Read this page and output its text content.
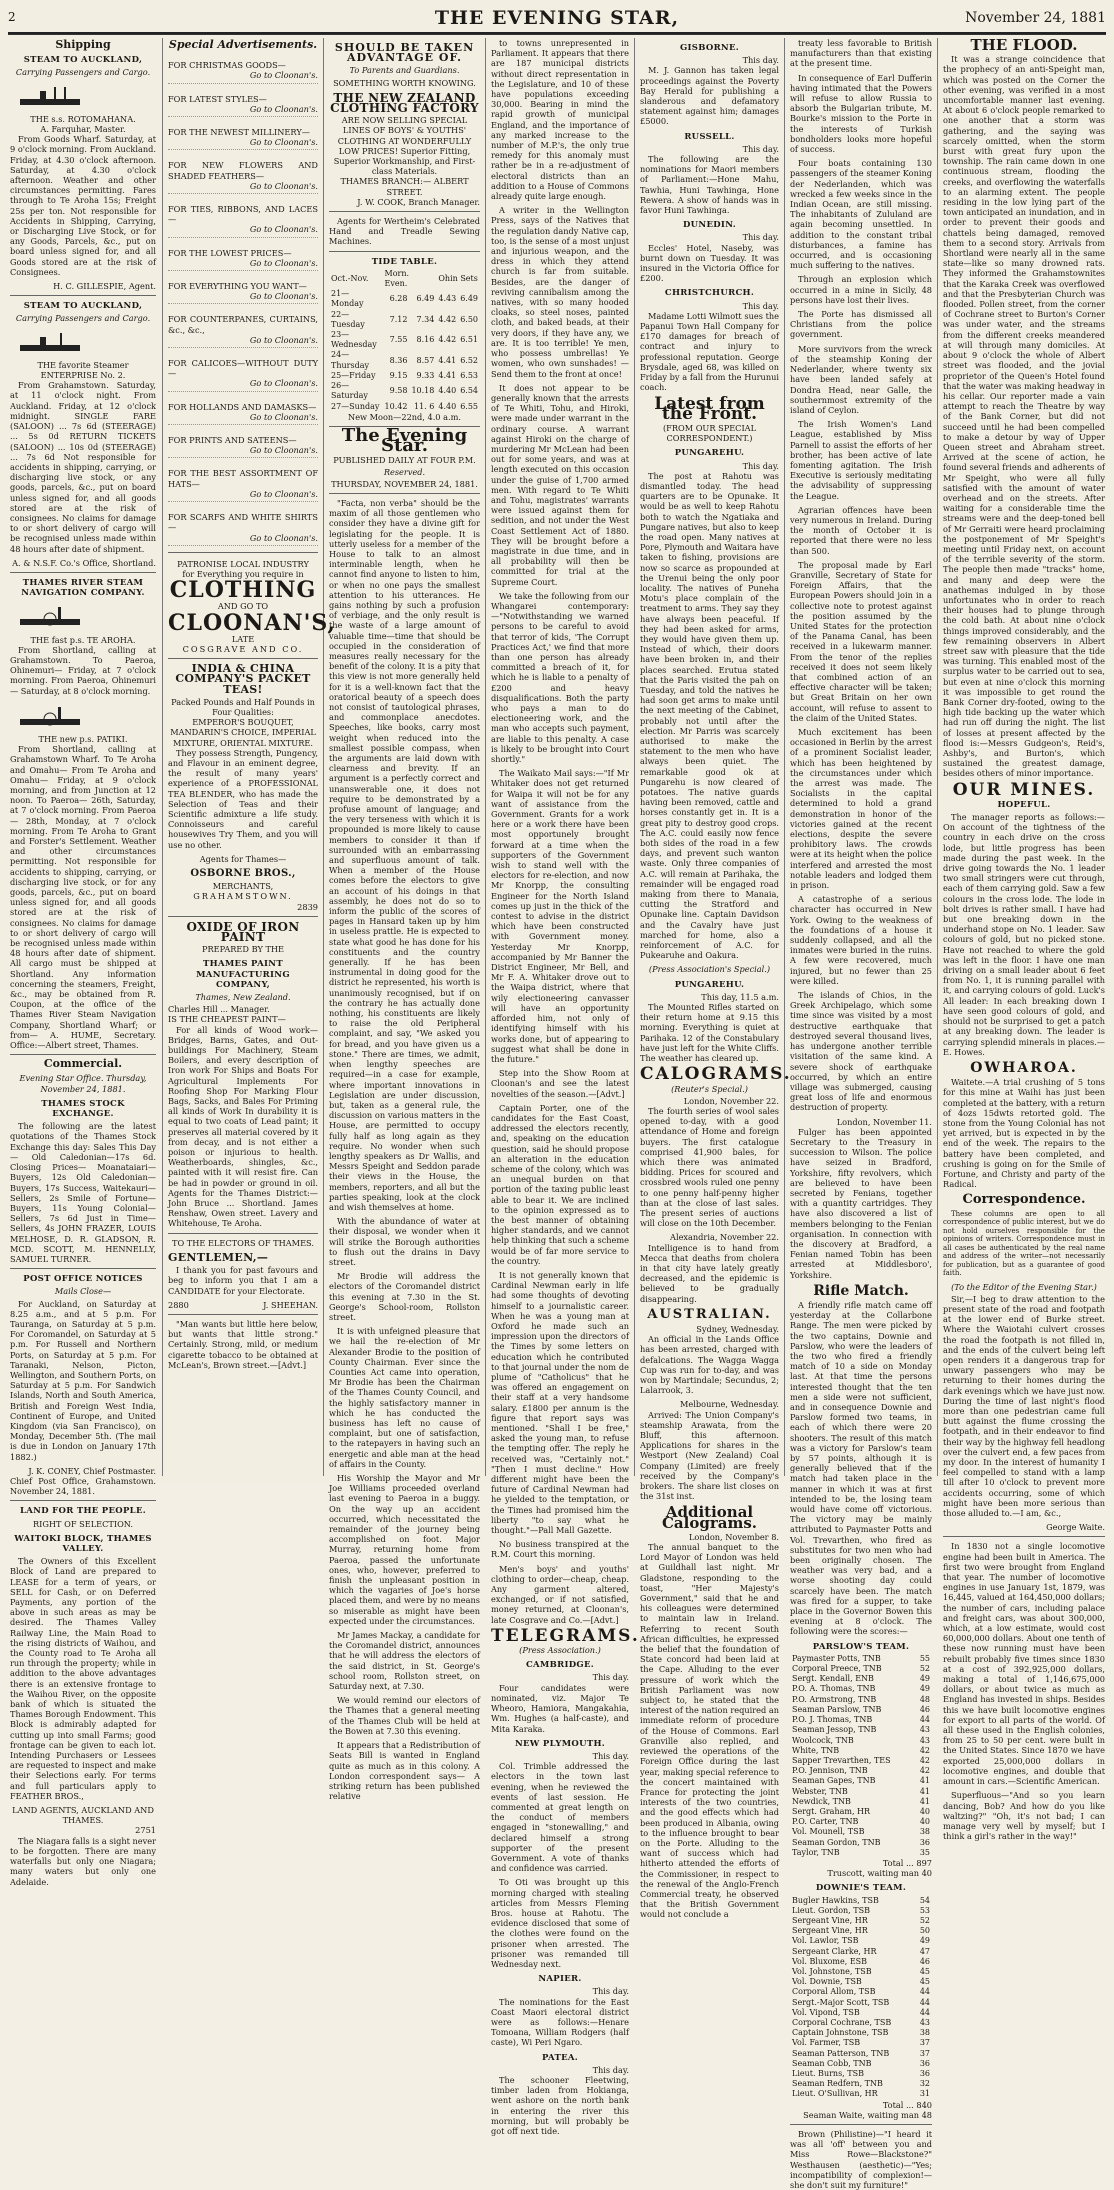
2	THE EVENING STAR,	November 24, 1881
Shipping
STEAM TO AUCKLAND,
Carrying Passengers and Cargo.
THE s.s. ROTOMAHANA.
A. Farquhar, Master.

From Goods Wharf. Saturday, at 9 o'clock morning. From Auckland. Friday, at 4.30 o'clock afternoon. Saturday, at 4.30 o'clock afternoon. Weather and other circumstances permitting. Fares through to Te Aroha 15s; Freight 25s per ton. Not responsible for Accidents in Shipping, Carrying, or Discharging Live Stock, or for any Goods, Parcels, &c., put on board unless signed for, and all Goods stored are at the risk of Consignees.

H. C. GILLESPIE, Agent.
STEAM TO AUCKLAND,
Carrying Passengers and Cargo.
THE favorite Steamer ENTERPRISE No. 2.

From Grahamstown. Saturday, at 11 o'clock night. From Auckland. Friday, at 12 o'clock midnight. SINGLE FARE (SALOON) ... 7s 6d (STEERAGE) ... 5s 0d RETURN TICKETS (SALOON) ... 10s 0d (STEERAGE) ... 7s 6d Not responsible for accidents in shipping, carrying, or discharging live stock, or any goods, parcels, &c., put on board unless signed for, and all goods stored are at the risk of consignees. No claims for damage to or short delivery of cargo will be recognised unless made within 48 hours after date of shipment.

A. & N.S.F. Co.'s Office, Shortland.
THAMES RIVER STEAM NAVIGATION COMPANY.
THE fast p.s. TE AROHA.

From Shortland, calling at Grahamstown. To Paeroa, Ohinemuri— Friday, at 7 o'clock morning. From Paeroa, Ohinemuri— Saturday, at 8 o'clock morning.

THE new p.s. PATIKI.

From Shortland, calling at Grahamstown Wharf. To Te Aroha and Omahu— From Te Aroha and Omahu— Friday, at 9 o'clock morning, and from Junction at 12 noon. To Paeroa— 26th, Saturday, at 7 o'clock morning. From Paeroa— 28th, Monday, at 7 o'clock morning. From Te Aroha to Grant and Forster's Settlement. Weather and other circumstances permitting. Not responsible for accidents to shipping, carrying, or discharging live stock, or for any goods, parcels, &c., put on board unless signed for, and all goods stored are at the risk of consignees. No claims for damage to or short delivery of cargo will be recognised unless made within 48 hours after date of shipment. All cargo must be shipped at Shortland. Any information concerning the steamers, Freight, &c., may be obtained from R. Coupon, at the office of the Thames River Steam Navigation Company, Shortland Wharf; or from— A. HUME, Secretary. Office:—Albert street, Thames.

Commercial.
Evening Star Office. Thursday, November 24, 1881.
THAMES STOCK EXCHANGE.

The following are the latest quotations of the Thames Stock Exchange this day: Sales This Day— Old Caledonian—17s 6d. Closing Prices— Moanataiari—Buyers, 12s Old Caledonian—Buyers, 17s Success, Waitekauri—Sellers, 2s Smile of Fortune—Buyers, 11s Young Colonial—Sellers, 7s 6d Just in Time—Sellers, 4s JOHN FRAZER, LOUIS MELHOSE, D. R. GLADSON, R. MCD. SCOTT, M. HENNELLY, SAMUEL TURNER.

POST OFFICE NOTICES
Mails Close—

For Auckland, on Saturday at 8.25 a.m., and at 5 p.m. For Tauranga, on Saturday at 5 p.m. For Coromandel, on Saturday at 5 p.m. For Russell and Northern Ports, on Saturday at 5 p.m. For Taranaki, Nelson, Picton, Wellington, and Southern Ports, on Saturday at 5 p.m. For Sandwich Islands, North and South America, British and Foreign West India, Continent of Europe, and United Kingdom (via San Francisco), on Monday, December 5th. (The mail is due in London on January 17th 1882.)

J. K. CONEY, Chief Postmaster.
Chief Post Office, Grahamstown. November 24, 1881.
LAND FOR THE PEOPLE.
RIGHT OF SELECTION.
WAITOKI BLOCK, THAMES VALLEY.

The Owners of this Excellent Block of Land are prepared to LEASE for a term of years, or SELL for Cash, or on Deferred Payments, any portion of the above in such areas as may be desired. The Thames Valley Railway Line, the Main Road to the rising districts of Waihou, and the County road to Te Aroha all run through the property; while in addition to the above advantages there is an extensive frontage to the Waihou River, on the opposite bank of which is situated the Thames Borough Endowment. This Block is admirably adapted for cutting up into small Farms; good frontage can be given to each lot. Intending Purchasers or Lessees are requested to inspect and make their Selections early. For terms and full particulars apply to FEATHER BROS.,

LAND AGENTS, AUCKLAND AND THAMES.
2751

The Niagara falls is a sight never to be forgotten. There are many waterfalls but only one Niagara; many waters but only one Adelaide.

Special Advertisements.
FOR CHRISTMAS GOODS—
Go to Cloonan's.
FOR LATEST STYLES—
Go to Cloonan's.
FOR THE NEWEST MILLINERY—
Go to Cloonan's.
FOR NEW FLOWERS AND SHADED FEATHERS—
Go to Cloonan's.
FOR TIES, RIBBONS, AND LACES—
Go to Cloonan's.
FOR THE LOWEST PRICES—
Go to Cloonan's.
FOR EVERYTHING YOU WANT—
Go to Cloonan's.
FOR COUNTERPANES, CURTAINS, &c., &c.,
Go to Cloonan's.
FOR CALICOES—WITHOUT DUTY—
Go to Cloonan's.
FOR HOLLANDS AND DAMASKS—
Go to Cloonan's.
FOR PRINTS AND SATEENS—
Go to Cloonan's.
FOR THE BEST ASSORTMENT OF HATS—
Go to Cloonan's.
FOR SCARFS AND WHITE SHIRTS—
Go to Cloonan's.
PATRONISE LOCAL INDUSTRY
for Everything you require in
CLOTHING
AND GO TO
CLOONAN'S,
LATE
COSGRAVE AND CO.
INDIA & CHINA COMPANY'S PACKET TEAS!
Packed Pounds and Half Pounds in Four Qualities:
EMPEROR'S BOUQUET, MANDARIN'S CHOICE, IMPERIAL MIXTURE, ORIENTAL MIXTURE.

They possess Strength, Pungency, and Flavour in an eminent degree, the result of many years' experience of a PROFESSIONAL TEA BLENDER, who has made the Selection of Teas and their Scientific admixture a life study. Connoisseurs and careful housewives Try Them, and you will use no other.

Agents for Thames—
OSBORNE BROS.,
MERCHANTS,
GRAHAMSTOWN.
2839
OXIDE OF IRON PAINT
PREPARED BY THE
THAMES PAINT MANUFACTURING COMPANY,
Thames, New Zealand.
Charles Hill ... Manager.
IS THE CHEAPEST PAINT—

For all kinds of Wood work—Bridges, Barns, Gates, and Out-buildings For Machinery, Steam Boilers, and every description of Iron work For Ships and Boats For Agricultural Implements For Roofing Shop For Marking Flour Bags, Sacks, and Bales For Priming all kinds of Work In durability it is equal to two coats of Lead paint; it preserves all material covered by it from decay, and is not either a poison or injurious to health. Weatherboards, shingles, &c., painted with it will resist fire. Can be had in powder or ground in oil. Agents for the Thames District:— John Bruce ... Shortland. James Renshaw, Owen street. Lavery and Whitehouse, Te Aroha.

TO THE ELECTORS OF THAMES.
GENTLEMEN,—

I thank you for past favours and beg to inform you that I am a CANDIDATE for your Electorate.

2880	J. SHEEHAN.

"Man wants but little here below, but wants that little strong." Certainly. Strong, mild, or medium cigarette tobacco to be obtained at McLean's, Brown street.—[Advt.]

SHOULD BE TAKEN ADVANTAGE OF.
To Parents and Guardians.
SOMETHING WORTH KNOWING.
THE NEW ZEALAND CLOTHING FACTORY
ARE NOW SELLING SPECIAL LINES OF BOYS' & YOUTHS' CLOTHING AT WONDERFULLY LOW PRICES! Superior Fitting, Superior Workmanship, and First-class Materials.
THAMES BRANCH:— ALBERT STREET.
J. W. COOK, Branch Manager.

Agents for Wertheim's Celebrated Hand and Treadle Sewing Machines.

TIDE TABLE.
Oct.-Nov.	Morn. Even.		Ohin Sets	
21—Monday	6.28	6.49	4.43	6.49
22—Tuesday	7.12	7.34	4.42	6.50
23—Wednesday	7.55	8.16	4.42	6.51
24—Thursday	8.36	8.57	4.41	6.52
25—Friday	9.15	9.33	4.41	6.53
26—Saturday	9.58	10.18	4.40	6.54
27—Sunday	10.42	11. 6	4.40	6.55
New Moon—22nd, 4.0 a.m.
The Evening Star.
PUBLISHED DAILY AT FOUR P.M.
Reserved.
THURSDAY, NOVEMBER 24, 1881.

"Facta, non verba" should be the maxim of all those gentlemen who consider they have a divine gift for legislating for the people. It is utterly useless for a member of the House to talk to an almost interminable length, when he cannot find anyone to listen to him, or when no one pays the smallest attention to his utterances. He gains nothing by such a profusion of verbiage, and the only result is the waste of a large amount of valuable time—time that should be occupied in the consideration of measures really necessary for the benefit of the colony. It is a pity that this view is not more generally held for it is a well-known fact that the oratorical beauty of a speech does not consist of tautological phrases, and commonplace anecdotes. Speeches, like books, carry most weight when reduced into the smallest possible compass, when the arguments are laid down with clearness and brevity. If an argument is a perfectly correct and unanswerable one, it does not require to be demonstrated by a profuse amount of language; and the very terseness with which it is propounded is more likely to cause members to consider it than if surrounded with an embarrassing and superfluous amount of talk. When a member of the House comes before the electors to give an account of his doings in that assembly, he does not do so to inform the public of the scores of pages in Hansard taken up by him in useless prattle. He is expected to state what good he has done for his constituents and the country generally. If he has been instrumental in doing good for the district he represented, his worth is unanimously recognised, but if on the contrary he has actually done nothing, his constituents are likely to raise the old Peripheral complaint, and say, "We asked you for bread, and you have given us a stone." There are times, we admit, when lengthy speeches are required—in a case for example, where important innovations in Legislation are under discussion, but, taken as a general rule, the discussion on various matters in the House, are permitted to occupy fully half as long again as they require. No wonder when such lengthy speakers as Dr Wallis, and Messrs Speight and Seddon parade their views in the House, the members, reporters, and all but the parties speaking, look at the clock and wish themselves at home.

With the abundance of water at their disposal, we wonder when it will strike the Borough authorities to flush out the drains in Davy street.

Mr Brodie will address the electors of the Coromandel district this evening at 7.30 in the St. George's School-room, Rollston street.

It is with unfeigned pleasure that we hail the re-election of Mr Alexander Brodie to the position of County Chairman. Ever since the Counties Act came into operation, Mr Brodie has been the Chairman of the Thames County Council, and the highly satisfactory manner in which he has conducted the business has left no cause of complaint, but one of satisfaction, to the ratepayers in having such an energetic and able man at the head of affairs in the County.

His Worship the Mayor and Mr Joe Williams proceeded overland last evening to Paeroa in a buggy. On the way up an accident occurred, which necessitated the remainder of the journey being accomplished on foot. Major Murray, returning home from Paeroa, passed the unfortunate ones, who, however, preferred to finish the unpleasant position in which the vagaries of Joe's horse placed them, and were by no means so miserable as might have been expected under the circumstances.

Mr James Mackay, a candidate for the Coromandel district, announces that he will address the electors of the said district, in St. George's school room, Rollston street, on Saturday next, at 7.30.

We would remind our electors of the Thames that a general meeting of the Thames Club will be held at the Bowen at 7.30 this evening.

It appears that a Redistribution of Seats Bill is wanted in England quite as much as in this colony. A London correspondent says— A striking return has been published relative

to towns unrepresented in Parliament. It appears that there are 187 municipal districts without direct representation in the Legislature, and 10 of these have populations exceeding 30,000. Bearing in mind the rapid growth of municipal England, and the importance of any marked increase to the number of M.P.'s, the only true remedy for this anomaly must rather be in a re-adjustment of electoral districts than an addition to a House of Commons already quite large enough.

A writer in the Wellington Press, says of the Natives that the regulation dandy Native cap, too, is the sense of a most unjust and injurious weapon, and the dress in which they attend church is far from suitable. Besides, are the danger of reviving cannibalism among the natives, with so many hooded cloaks, so steel noses, painted cloth, and baked beads, at their very doors, if they have any, we are. It is too terrible! Ye men, who possess umbrellas! Ye women, who own sunshades! —Send them to the front at once!

It does not appear to be generally known that the arrests of Te Whiti, Tohu, and Hiroki, were made under warrant in the ordinary course. A warrant against Hiroki on the charge of murdering Mr McLean had been out for some years, and was at length executed on this occasion under the guise of 1,700 armed men. With regard to Te Whiti and Tohu, magistrates' warrants were issued against them for sedition, and not under the West Coast Settlement Act of 1880. They will be brought before a magistrate in due time, and in all probability will then be committed for trial at the Supreme Court.

We take the following from our Whangarei contemporary:—"Notwithstanding we warned persons to be careful to avoid that terror of kids, 'The Corrupt Practices Act,' we find that more than one person has already committed a breach of it, for which he is liable to a penalty of £200 and heavy disqualifications. Both the party who pays a man to do electioneering work, and the man who accepts such payment, are liable to this penalty. A case is likely to be brought into Court shortly."

The Waikato Mail says:—"If Mr Whitaker does not get returned for Waipa it will not be for any want of assistance from the Government. Grants for a work here or a work there have been most opportunely brought forward at a time when the supporters of the Government wish to stand well with the electors for re-election, and now Mr Knorpp, the consulting Engineer for the North Island comes up just in the thick of the contest to advise in the district which have been constructed with Government money. Yesterday Mr Knorpp, accompanied by Mr Banner the District Engineer, Mr Bell, and Mr F. A. Whitaker drove out to the Waipa district, where that wily electioneering canvasser will have an opportunity afforded him, not only of identifying himself with his works done, but of appearing to suggest what shall be done in the future."

Step into the Show Room at Cloonan's and see the latest novelties of the season.—[Advt.]

Captain Porter, one of the candidates for the East Coast, addressed the electors recently, and, speaking on the education question, said he should propose an alteration in the education scheme of the colony, which was an unequal burden on that portion of the taxing public least able to bear it. We are inclined to the opinion expressed as to the best manner of obtaining higher standards, and we cannot help thinking that such a scheme would be of far more service to the country.

It is not generally known that Cardinal Newman early in life had some thoughts of devoting himself to a journalistic career. When he was a young man at Oxford he made such an impression upon the directors of the Times by some letters on education which he contributed to that journal under the nom de plume of "Catholicus" that he was offered an engagement on their staff at a very handsome salary. £1800 per annum is the figure that report says was mentioned. "Shall I be free," asked the young man, to refuse the tempting offer. The reply he received was, "Certainly not." "Then I must decline." How different might have been the future of Cardinal Newman had he yielded to the temptation, or the Times had promised him the liberty "to say what he thought."—Pall Mall Gazette.

No business transpired at the R.M. Court this morning.

Men's boys' and youths' clothing to order—cheap, cheap. Any garment altered, exchanged, or if not satisfied, money returned, at Cloonan's, late Cosgrave and Co.—[Advt.]

TELEGRAMS.
(Press Association.)
CAMBRIDGE.
This day.

Four candidates were nominated, viz. Major Te Wheoro, Hamiora, Mangakahia, Wm. Hughes (a half-caste), and Mita Karaka.

NEW PLYMOUTH.
This day.

Col. Trimble addressed the electors in the town last evening, when he reviewed the events of last session. He commented at great length on the conduct of members engaged in "stonewalling," and declared himself a strong supporter of the present Government. A vote of thanks and confidence was carried.

To Oti was brought up this morning charged with stealing articles from Messrs Fleming Bros. house at Rahotu. The evidence disclosed that some of the clothes were found on the prisoner when arrested. The prisoner was remanded till Wednesday next.

NAPIER.
This day.

The nominations for the East Coast Maori electoral district were as follows:—Henare Tomoana, William Rodgers (half caste), Wi Peri Ngaro.

PATEA.
This day.

The schooner Fleetwing, timber laden from Hokianga, went ashore on the north bank in entering the river this morning, but will probably be got off next tide.

GISBORNE.
This day.

M. J. Gannon has taken legal proceedings against the Poverty Bay Herald for publishing a slanderous and defamatory statement against him; damages £5000.

RUSSELL.
This day.

The following are the nominations for Maori members of Parliament:—Hone Mahu, Tawhia, Huni Tawhinga, Hone Rewera. A show of hands was in favor Huni Tawhinga.

DUNEDIN.
This day.

Eccles' Hotel, Naseby, was burnt down on Tuesday. It was insured in the Victoria Office for £200.

CHRISTCHURCH.
This day.

Madame Lotti Wilmott sues the Papanui Town Hall Company for £170 damages for breach of contract and injury to professional reputation. George Brysdale, aged 68, was killed on Friday by a fall from the Hurunui coach.

Latest from the Front.
(FROM OUR SPECIAL CORRESPONDENT.)
PUNGAREHU.
This day.

The post at Rahotu was dismantled today. The head quarters are to be Opunake. It would be as well to keep Rahotu both to watch the Ngatiaka and Pungare natives, but also to keep the road open. Many natives at Pore, Plymouth and Waitara have taken to fishing, provisions are now so scarce as propounded at the Urenui being the only poor locality. The natives of Puneha Motu's place complain of the treatment to arms. They say they have always been peaceful. If they had been asked for arms, they would have given them up. Instead of which, their doors have been broken in, and their places searched. Erutua stated that the Paris visited the pah on Tuesday, and told the natives he had soon get arms to make until the next meeting of the Cabinet, probably not until after the election. Mr Parris was scarcely authorised to make the statement to the men who have always been quiet. The remarkable good ok at Pungarehu is now cleared of potatoes. The native guards having been removed, cattle and horses constantly get in. It is a great pity to destroy good crops. The A.C. could easily now fence both sides of the road in a few days, and prevent such wanton waste. Only three companies of A.C. will remain at Parihaka, the remainder will be engaged road making from there to Manaia, cutting the Stratford and Opunake line. Captain Davidson and the Cavalry have just marched for home, also a reinforcement of A.C. for Pukearuhe and Oakura.

(Press Association's Special.)
PUNGAREHU.
This day, 11.5 a.m.

The Mounted Rifles started on their return home at 9.15 this morning. Everything is quiet at Parihaka. 12 of the Constabulary have just left for the White Cliffs. The weather has cleared up.

CALOGRAMS.
(Reuter's Special.)
London, November 22.

The fourth series of wool sales opened to-day, with a good attendance of Home and foreign buyers. The first catalogue comprised 41,900 bales, for which there was animated bidding. Prices for scoured and crossbred wools ruled one penny to one penny half-penny higher than at the close of last sales. The present series of auctions will close on the 10th December.

Alexandria, November 22.

Intelligence is to hand from Mecca that deaths from cholera in that city have lately greatly decreased, and the epidemic is believed to be gradually disappearing.

AUSTRALIAN.
Sydney, Wednesday.

An official in the Lands Office has been arrested, charged with defalcations. The Wagga Wagga Cup was run for to-day, and was won by Martindale; Secundus, 2; Lalarrook, 3.

Melbourne, Wednesday.

Arrived: The Union Company's steamship Arawata, from the Bluff, this afternoon. Applications for shares in the Westport (New Zealand) Coal Company (Limited) are freely received by the Company's brokers. The share list closes on the 31st inst.

Additional Calograms.
London, November 8.

The annual banquet to the Lord Mayor of London was held at Guildhall last night. Mr Gladstone, responding to the toast, "Her Majesty's Government," said that he and his colleagues were determined to maintain law in Ireland. Referring to recent South African difficulties, he expressed the belief that the foundation of State concord had been laid at the Cape. Alluding to the ever pressure of work which the British Parliament was now subject to, he stated that the interest of the nation required an immediate reform of procedure of the House of Commons. Earl Granville also replied, and reviewed the operations of the Foreign Office during the last year, making special reference to the concert maintained with France for protecting the joint interests of the two countries, and the good effects which had been produced in Albania, owing to the influence brought to bear on the Porte. Alluding to the want of success which had hitherto attended the efforts of the Commissioner, in respect to the renewal of the Anglo-French Commercial treaty, he observed that the British Government would not conclude a

treaty less favorable to British manufacturers than that existing at the present time.

In consequence of Earl Dufferin having intimated that the Powers will refuse to allow Russia to absorb the Bulgarian tribute, M. Bourke's mission to the Porte in the interests of Turkish bondholders looks more hopeful of success.

Four boats containing 130 passengers of the steamer Koning der Nederlanden, which was wrecked a few weeks since in the Indian Ocean, are still missing. The inhabitants of Zululand are again becoming unsettled. In addition to the constant tribal disturbances, a famine has occurred, and is occasioning much suffering to the natives.

Through an explosion which occurred in a mine in Sicily, 48 persons have lost their lives.

The Porte has dismissed all Christians from the police government.

More survivors from the wreck of the steamship Koning der Nederlander, where twenty six have been landed safely at Dondra Head, near Galle, the southernmost extremity of the island of Ceylon.

The Irish Women's Land League, established by Miss Parnell to assist the efforts of her brother, has been active of late fomenting agitation. The Irish Executive is seriously meditating the advisability of suppressing the League.

Agrarian offences have been very numerous in Ireland. During the month of October it is reported that there were no less than 500.

The proposal made by Earl Granville, Secretary of State for Foreign Affairs, that the European Powers should join in a collective note to protest against the position assumed by the United States for the protection of the Panama Canal, has been received in a lukewarm manner. From the tenor of the replies received it does not seem likely that combined action of an effective character will be taken; but Great Britain on her own account, will refuse to assent to the claim of the United States.

Much excitement has been occasioned in Berlin by the arrest of a prominent Socialist leader, which has been heightened by the circumstances under which the arrest was made. The Socialists in the capital determined to hold a grand demonstration in honor of the victories gained at the recent elections, despite the severe prohibitory laws. The crowds were at its height when the police interfered and arrested the most notable leaders and lodged them in prison.

A catastrophe of a serious character has occurred in New York. Owing to the weakness of the foundations of a house it suddenly collapsed, and all the inmates were buried in the ruins. A few were recovered, much injured, but no fewer than 25 were killed.

The islands of Chios, in the Greek Archipelago, which some time since was visited by a most destructive earthquake that destroyed several thousand lives, has undergone another terrible visitation of the same kind. A severe shock of earthquake occurred, by which an entire village was submerged, causing great loss of life and enormous destruction of property.

London, November 11.

Fulger has been appointed Secretary to the Treasury in succession to Wilson. The police have seized in Bradford, Yorkshire, fifty revolvers, which are believed to have been secreted by Fenians, together with a quantity cartridges. They have also discovered a list of members belonging to the Fenian organisation. In connection with the discovery at Bradford, a Fenian named Tobin has been arrested at Middlesboro', Yorkshire.

Rifle Match.

A friendly rifle match came off yesterday at the Collarbone Range. The men were picked by the two captains, Downie and Parslow, who were the leaders of the two who fired a friendly match of 10 a side on Monday last. At that time the persons interested thought that the ten men a side were not sufficient, and in consequence Downie and Parslow formed two teams, in each of which there were 20 shooters. The result of this match was a victory for Parslow's team by 57 points, although it is generally believed that if the match had taken place in the manner in which it was at first intended to be, the losing team would have come off victorious. The victory may be mainly attributed to Paymaster Potts and Vol. Trevarthen, who fired as substitutes for two men who had been originally chosen. The weather was very bad, and a worse shooting day could scarcely have been. The match was fired for a supper, to take place in the Governor Bowen this evening at 8 o'clock. The following were the scores:—

PARSLOW'S TEAM.
Paymaster Potts, TNB	55
Corporal Preece, TNB	52
Sergt. Kendall, ENB	49
P.O. A. Thomas, TNB	49
P.O. Armstrong, TNB	48
Seaman Parslow, TNB	46
P.O. J. Thomas, TNB	44
Seaman Jessop, TNB	43
Woolcock, TNB	43
White, TNB	42
Sapper Trevarthen, TES	42
P.O. Jennison, TNB	42
Seaman Gapes, TNB	41
Webster, TNB	41
Newdick, TNB	41
Sergt. Graham, HR	40
P.O. Carter, TNB	40
Vol. Mounell, TSB	38
Seaman Gordon, TNB	36
Taylor, TNB	35
Total ... 897
Truscott, waiting man 40
DOWNIE'S TEAM.
Bugler Hawkins, TSB	54
Lieut. Gordon, TSB	53
Sergeant Vine, HR	52
Sergeant Vine, HR	50
Vol. Lawlor, TSB	49
Sergeant Clarke, HR	47
Vol. Bluxome, ESB	46
Vol. Johnstone, TSB	45
Vol. Downie, TSB	45
Corporal Allom, TSB	44
Sergt.-Major Scott, TSB	44
Vol. Vipond, TSB	44
Corporal Cochrane, TSB	43
Captain Johnstone, TSB	38
Vol. Farmer, TSB	37
Seaman Patterson, TNB	37
Seaman Cobb, TNB	36
Lieut. Burns, TSB	36
Seaman Redfern, TNB	32
Lieut. O'Sullivan, HR	31
Total ... 840
Seaman Waite, waiting man 48

Brown (Philistine)—"I heard it was all 'off' between you and Miss Rowe—Blackstone?" Westhausen (aesthetic)—"Yes; incompatibility of complexion!—she don't suit my furniture!"

THE FLOOD.

It was a strange coincidence that the prophecy of an anti-Speight man, which was posted on the Corner the other evening, was verified in a most uncomfortable manner last evening. At about 6 o'clock people remarked to one another that a storm was gathering, and the saying was scarcely omitted, when the storm burst with great fury upon the township. The rain came down in one continuous stream, flooding the creeks, and overflowing the waterfalls to an alarming extent. The people residing in the low lying part of the town anticipated an inundation, and in order to prevent their goods and chattels being damaged, removed them to a second story. Arrivals from Shortland were nearly all in the same state—like so many drowned rats. They informed the Grahamstownites that the Karaka Creek was overflowed and that the Presbyterian Church was flooded. Pollen street, from the corner of Cochrane street to Burton's Corner was under water, and the streams from the different creeks meandered at will through many domiciles. At about 9 o'clock the whole of Albert street was flooded, and the jovial proprietor of the Queen's Hotel found that the water was making headway in his cellar. Our reporter made a vain attempt to reach the Theatre by way of the Bank Corner, but did not succeed until he had been compelled to make a detour by way of Upper Queen street and Abraham street. Arrived at the scene of action, he found several friends and adherents of Mr Speight, who were all fully satisfied with the amount of water overhead and on the streets. After waiting for a considerable time the streams were and the deep-toned bell of Mr Gerraiti were heard proclaiming the postponement of Mr Speight's meeting until Friday next, on account of the terrible severity of the storm. The people then made "tracks" home, and many and deep were the anathemas indulged in by those unfortunates who in order to reach their houses had to plunge through the cold bath. At about nine o'clock things improved considerably, and the few remaining observers in Albert street saw with pleasure that the tide was turning. This enabled most of the surplus water to be carried out to sea, but even at nine o'clock this morning it was impossible to get round the Bank Corner dry-footed, owing to the high tide backing up the water which had run off during the night. The list of losses at present affected by the flood is:—Messrs Gudgeon's, Reid's, Ashby's, and Burton's, which sustained the greatest damage, besides others of minor importance.

OUR MINES.
HOPEFUL.

The manager reports as follows:—On account of the tightness of the country in each drive on the cross lode, but little progress has been made during the past week. In the drive going towards the No. 1 leader two small stringers were cut through, each of them carrying gold. Saw a few colours in the cross lode. The lode in bolt drives is rather small. I have had but one breaking down in the underhand stope on No. 1 leader. Saw colours of gold, but no picked stone. Have not reached to where the gold was left in the floor. I have one man driving on a small leader about 6 feet from No. 1, it is running parallel with it, and carrying colours of gold. Luck's All leader: In each breaking down I have seen good colours of gold, and should not be surprised to get a patch at any breaking down. The leader is carrying splendid minerals in places.—E. Howes.

OWHAROA.

Waitete.—A trial crushing of 5 tons for this mine at Waihi has just been completed at the battery, with a return of 4ozs 15dwts retorted gold. The stone from the Young Colonial has not yet arrived, but is expected in by the end of the week. The repairs to the battery have been completed, and crushing is going on for the Smile of Fortune, and Christy and party of the Radical.

Correspondence.

These columns are open to all correspondence of public interest, but we do not hold ourselves responsible for the opinions of writers. Correspondence must in all cases be authenticated by the real name and address of the writer—not necessarily for publication, but as a guarantee of good faith.

(To the Editor of the Evening Star.)

Sir,—I beg to draw attention to the present state of the road and footpath at the lower end of Burke street. Where the Waiotahi culvert crosses the road the footpath is not filled in, and the ends of the culvert being left open renders it a dangerous trap for unwary passengers who may be returning to their homes during the dark evenings which we have just now. During the time of last night's flood more than one pedestrian came full butt against the flume crossing the footpath, and in their endeavor to find their way by the highway fell headlong over the culvert end, a few paces from my door. In the interest of humanity I feel compelled to stand with a lamp till after 10 o'clock to prevent more accidents occurring, some of which might have been more serious than those alluded to.—I am, &c.,

George Waite.

In 1830 not a single locomotive engine had been built in America. The first two were brought from England that year. The number of locomotive engines in use January 1st, 1879, was 16,445, valued at 164,450,000 dollars; the number of cars, including palace and freight cars, was about 300,000, which, at a low estimate, would cost 60,000,000 dollars. About one tenth of these now running must have been rebuilt probably five times since 1830 at a cost of 392,925,000 dollars, making a total of 1,146,675,000 dollars, or about twice as much as England has invested in ships. Besides this we have built locomotive engines for export to all parts of the world. Of all these used in the English colonies, from 25 to 50 per cent. were built in the United States. Since 1870 we have exported 25,000,000 dollars in locomotive engines, and double that amount in cars.—Scientific American.

Superfluous—"And so you learn dancing, Bob? And how do you like waltzing?" "Oh, it's not bad; I can manage very well by myself; but I think a girl's rather in the way!"
